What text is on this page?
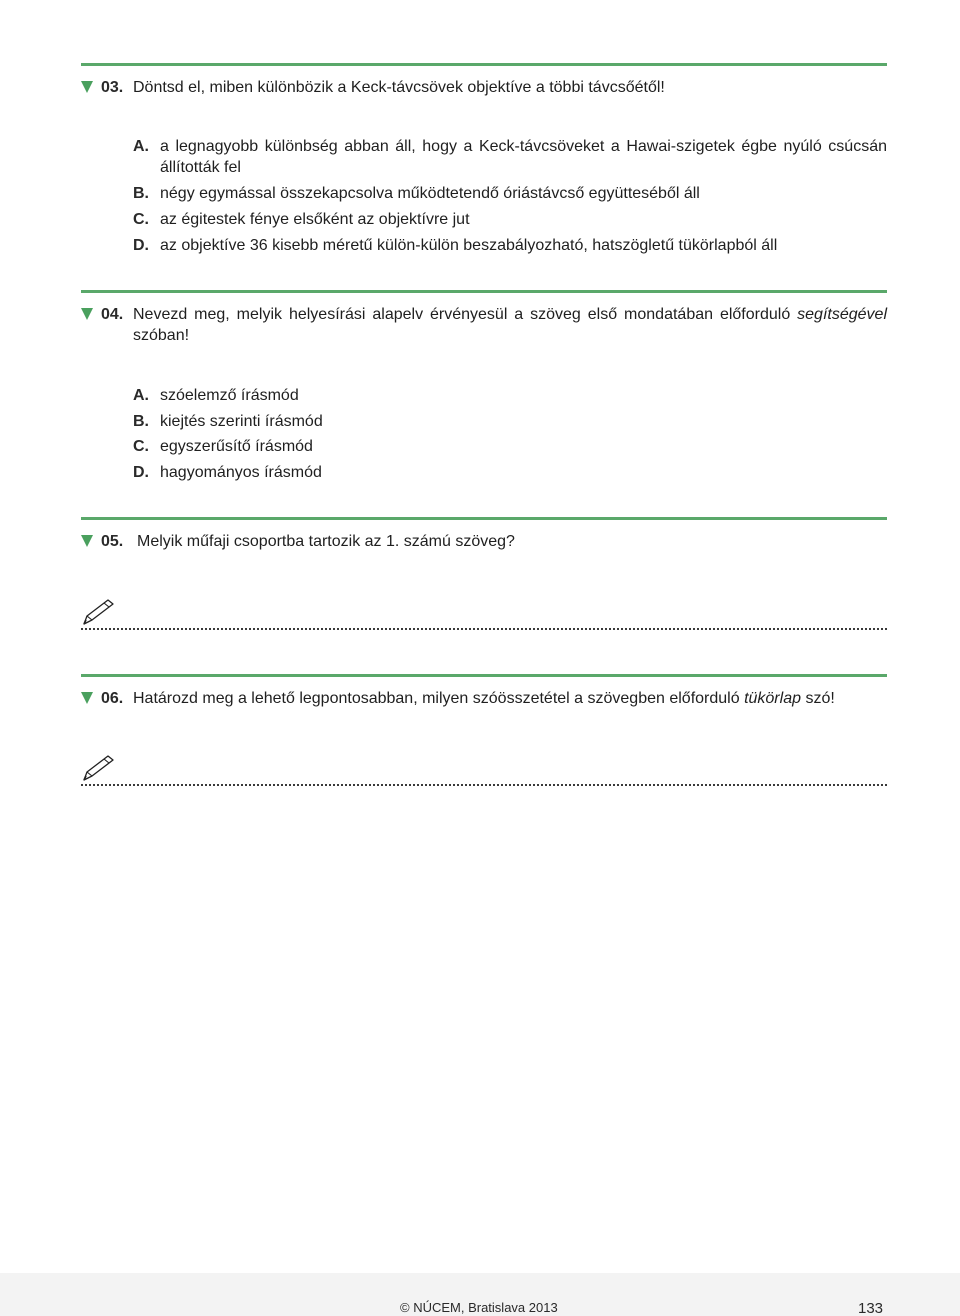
03. Döntsd el, miben különbözik a Keck-távcsövek objektíve a többi távcsőétől!
A. a legnagyobb különbség abban áll, hogy a Keck-távcsöveket a Hawai-szigetek égbe nyúló csúcsán állították fel
B. négy egymással összekapcsolva működtetendő óriástávcső együtteséből áll
C. az égitestek fénye elsőként az objektívre jut
D. az objektíve 36 kisebb méretű külön-külön beszabályozható, hatszögletű tükörlapból áll
04. Nevezd meg, melyik helyesírási alapelv érvényesül a szöveg első mondatában előforduló segítségével szóban!
A. szóelemző írásmód
B. kiejtés szerinti írásmód
C. egyszerűsítő írásmód
D. hagyományos írásmód
05. Melyik műfaji csoportba tartozik az 1. számú szöveg?
06. Határozd meg a lehető legpontosabban, milyen szóösszetétel a szövegben előforduló tükörlap szó!
© NÚCEM, Bratislava 2013	133
